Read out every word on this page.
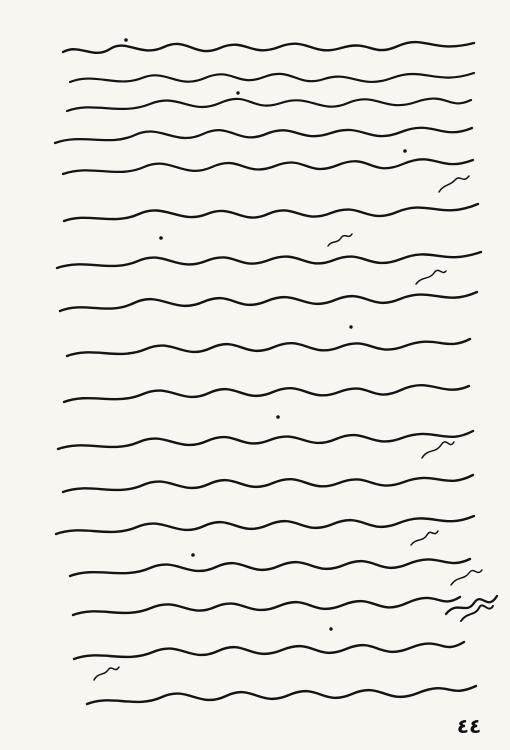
٤٤
